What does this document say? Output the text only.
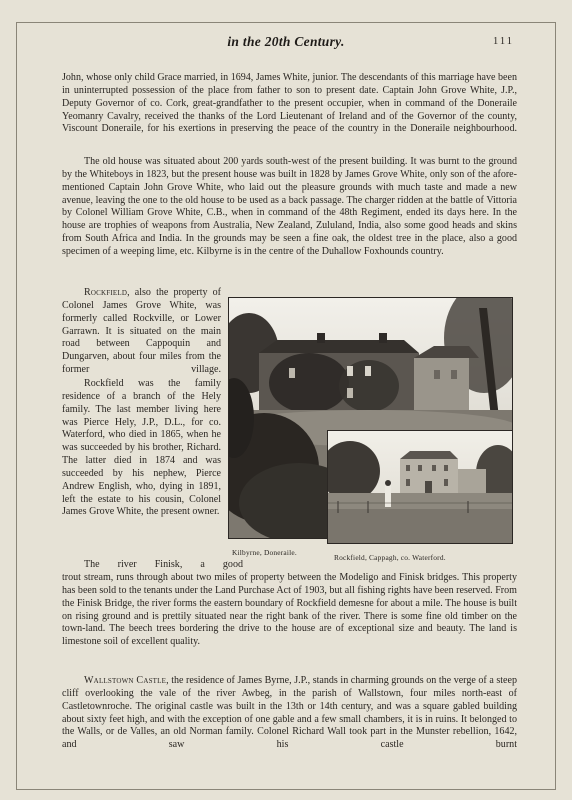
in the 20th Century.	111

John, whose only child Grace married, in 1694, James White, junior. The descendants of this marriage have been in uninterrupted possession of the place from father to son to present date. Captain John Grove White, J.P., Deputy Governor of co. Cork, great-grandfather to the present occupier, when in command of the Doneraile Yeomanry Cavalry, received the thanks of the Lord Lieutenant of Ireland and of the Governor of the county, Viscount Doneraile, for his exertions in preserving the peace of the country in the Doneraile neighbourhood.

The old house was situated about 200 yards south-west of the present building. It was burnt to the ground by the Whiteboys in 1823, but the present house was built in 1828 by James Grove White, only son of the afore-mentioned Captain John Grove White, who laid out the pleasure grounds with much taste and made a new avenue, leaving the one to the old house to be used as a back passage. The charger ridden at the battle of Vittoria by Colonel William Grove White, C.B., when in command of the 48th Regiment, ended its days here. In the house are trophies of weapons from Australia, New Zealand, Zululand, India, also some good heads and skins from South Africa and India. In the grounds may be seen a fine oak, the oldest tree in the place, also a good specimen of a weeping lime, etc. Kilbyrne is in the centre of the Duhallow Foxhounds country.

Rockfield, also the property of Colonel James Grove White, was formerly called Rockville, or Lower Garrawn. It is situated on the main road between Cappoquin and Dungarven, about four miles from the former village.

Rockfield was the family residence of a branch of the Hely family. The last member living here was Pierce Hely, J.P., D.L., for co. Waterford, who died in 1865, when he was succeeded by his brother, Richard. The latter died in 1874 and was succeeded by his nephew, Pierce Andrew English, who, dying in 1891, left the estate to his cousin, Colonel James Grove White, the present owner.

The river Finisk, a good

trout stream, runs through about two miles of property between the Modeligo and Finisk bridges. This property has been sold to the tenants under the Land Purchase Act of 1903, but all fishing rights have been reserved. From the Finisk Bridge, the river forms the eastern boundary of Rockfield demesne for about a mile. The house is built on rising ground and is prettily situated near the right bank of the river. There is some fine old timber on the town-land. The beech trees bordering the drive to the house are of exceptional size and beauty. The land is limestone soil of excellent quality.

Wallstown Castle, the residence of James Byrne, J.P., stands in charming grounds on the verge of a steep cliff overlooking the vale of the river Awbeg, in the parish of Wallstown, four miles north-east of Castletownroche. The original castle was built in the 13th or 14th century, and was a square gabled building about sixty feet high, and with the exception of one gable and a few small chambers, it is in ruins. It belonged to the Walls, or de Valles, an old Norman family. Colonel Richard Wall took part in the Munster rebellion, 1642, and saw his castle burnt

Kilbyrne, Doneraile.
Rockfield, Cappagh, co. Waterford.
